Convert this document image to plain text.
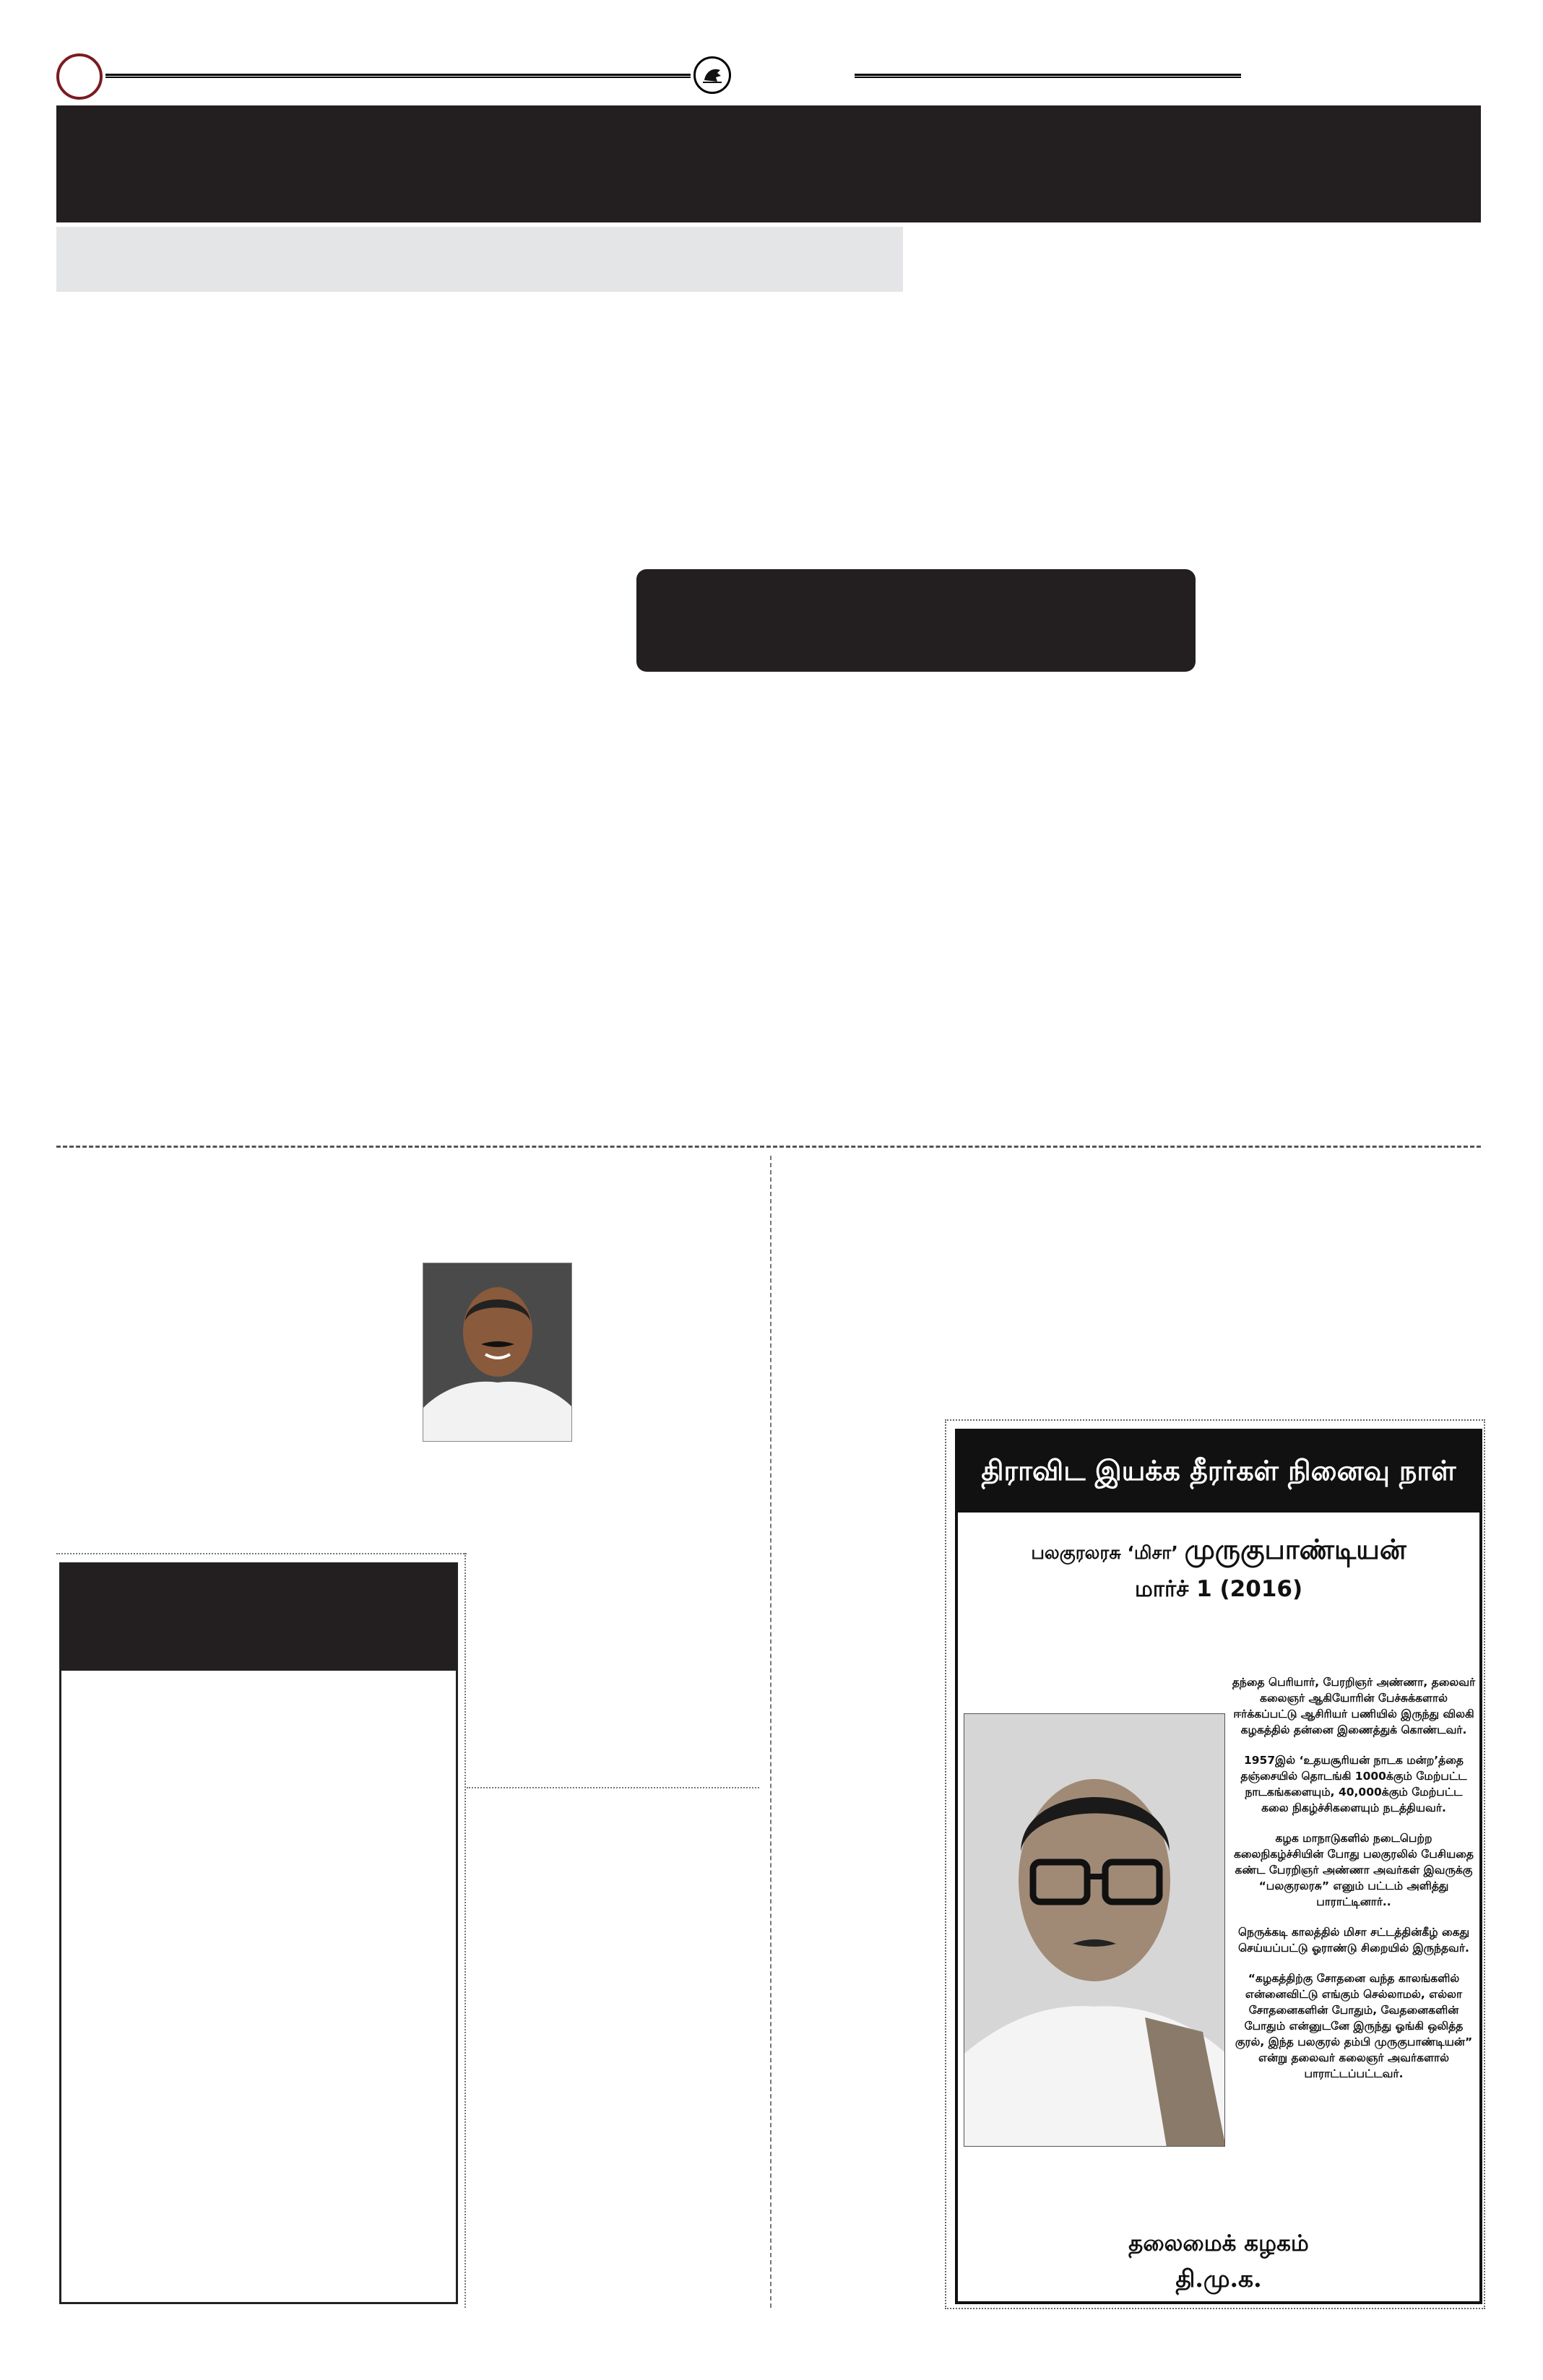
திராவிட இயக்க தீரர்கள் நினைவு நாள்
பலகுரலரசு ‘மிசா’ முருகுபாண்டியன்
மார்ச் 1 (2016)

தந்தை பெரியார், பேரறிஞர் அண்ணா, தலைவர் கலைஞர் ஆகியோரின் பேச்சுக்களால் ஈர்க்கப்பட்டு ஆசிரியர் பணியில் இருந்து விலகி கழகத்தில் தன்னை இணைத்துக் கொண்டவர்.

1957இல் ‘உதயசூரியன் நாடக மன்ற’த்தை தஞ்சையில் தொடங்கி 1000க்கும் மேற்பட்ட நாடகங்களையும், 40,000க்கும் மேற்பட்ட கலை நிகழ்ச்சிகளையும் நடத்தியவர்.

கழக மாநாடுகளில் நடைபெற்ற கலைநிகழ்ச்சியின் போது பலகுரலில் பேசியதை கண்ட பேரறிஞர் அண்ணா அவர்கள் இவருக்கு “பலகுரலரசு” எனும் பட்டம் அளித்து பாராட்டினார்..

நெருக்கடி காலத்தில் மிசா சட்டத்தின்கீழ் கைது செய்யப்பட்டு ஓராண்டு சிறையில் இருந்தவர்.

“கழகத்திற்கு சோதனை வந்த காலங்களில் என்னைவிட்டு எங்கும் செல்லாமல், எல்லா சோதனைகளின் போதும், வேதனைகளின் போதும் என்னுடனே இருந்து ஓங்கி ஒலித்த குரல், இந்த பலகுரல் தம்பி முருகுபாண்டியன்” என்று தலைவர் கலைஞர் அவர்களால் பாராட்டப்பட்டவர்.

தலைமைக் கழகம்
தி.மு.க.
